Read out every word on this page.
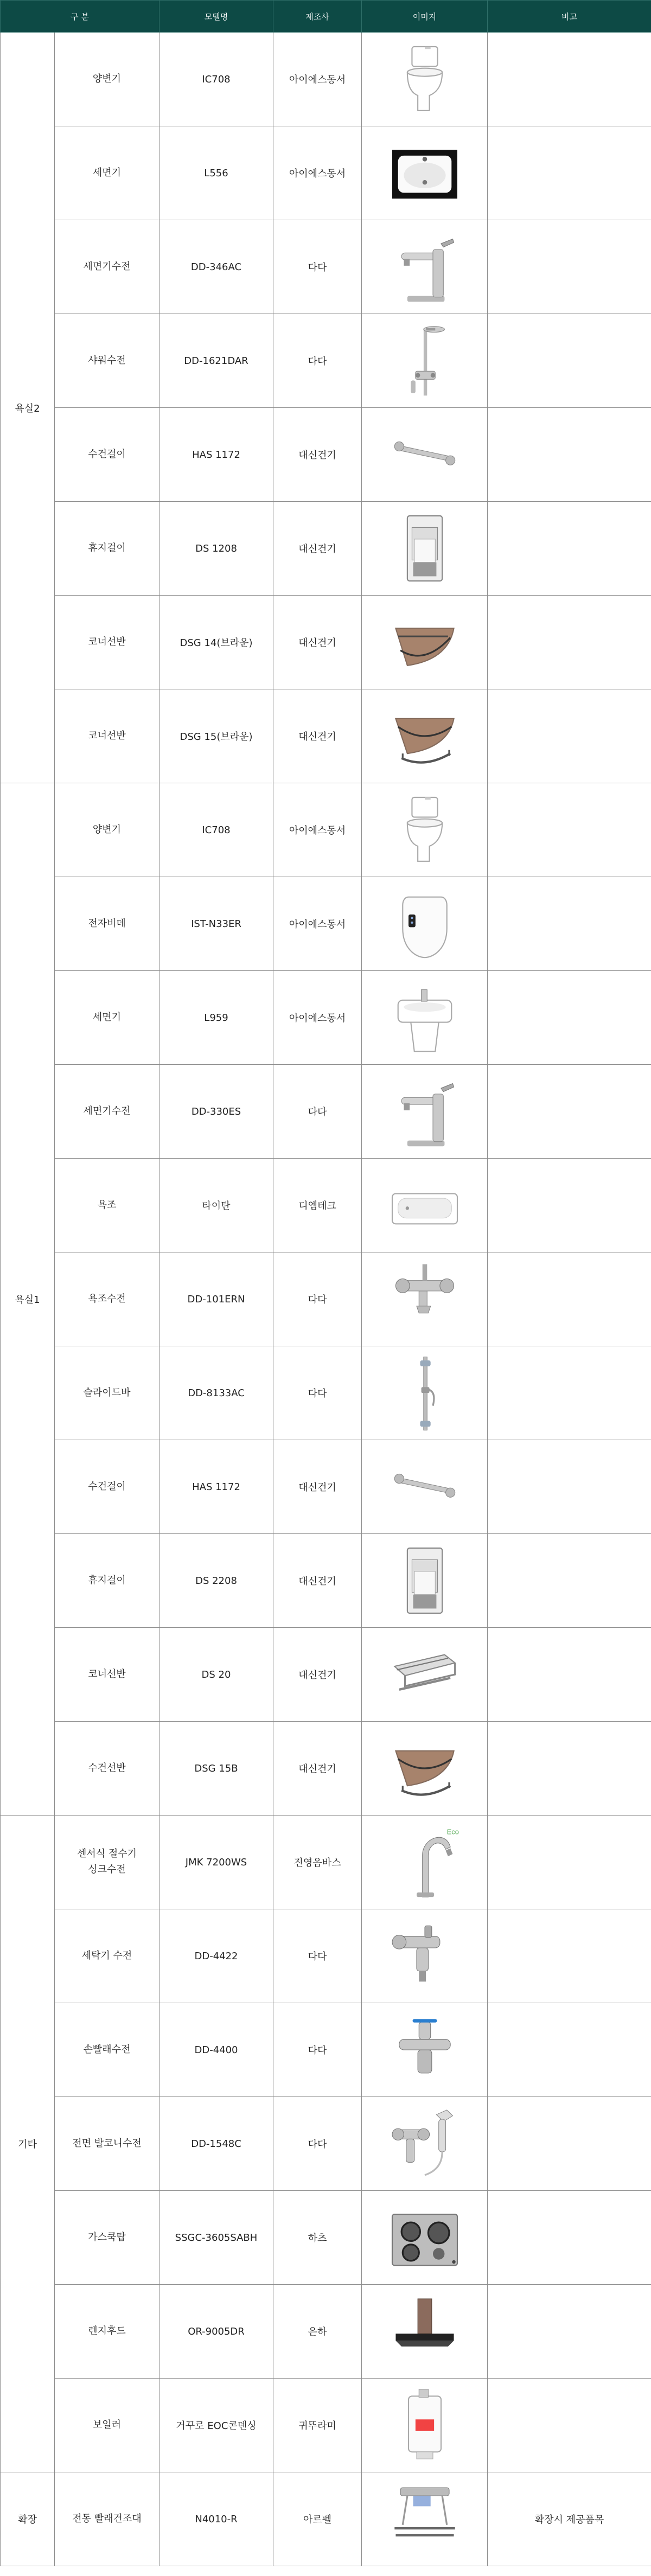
구 분		모델명	제조사	이미지	비고
욕실2	양변기	IC708	아이에스동서	

	세면기	L556	아이에스동서	

	세면기수전	DD-346AC	다다	

	샤워수전	DD-1621DAR	다다	

	수건걸이	HAS 1172	대신건기	

	휴지걸이	DS 1208	대신건기	

	코너선반	DSG 14(브라운)	대신건기	

	코너선반	DSG 15(브라운)	대신건기	

욕실1	양변기	IC708	아이에스동서	

	전자비데	IST-N33ER	아이에스동서	

	세면기	L959	아이에스동서	

	세면기수전	DD-330ES	다다	

	욕조	타이탄	디엠테크	

	욕조수전	DD-101ERN	다다	

	슬라이드바	DD-8133AC	다다	

	수건걸이	HAS 1172	대신건기	

	휴지걸이	DS 2208	대신건기	

	코너선반	DS 20	대신건기	

	수건선반	DSG 15B	대신건기	

기타	센서식 절수기
싱크수전	JMK 7200WS	진영음바스	Eco	

	세탁기 수전	DD-4422	다다	

	손빨래수전	DD-4400	다다	

	전면 발코니수전	DD-1548C	다다	

	가스쿡탑	SSGC-3605SABH	하츠	

	렌지후드	OR-9005DR	은하	

	보일러	거꾸로 EOC콘덴싱	귀뚜라미	

확장	전동 빨래건조대	N4010-R	아르펠		확장시 제공품목
